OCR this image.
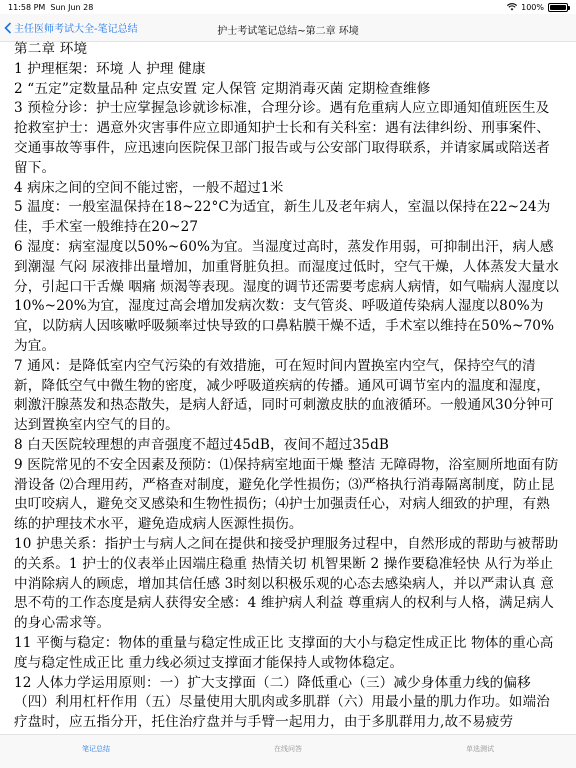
11:58 PM Sun Jun 28	100%
主任医师考试大全-笔记总结	护士考试笔记总结~第二章 环境
第二章 环境
1 护理框架：环境 人 护理 健康
2 “五定”定数量品种 定点安置 定人保管 定期消毒灭菌 定期检查维修
3 预检分诊：护士应掌握急诊就诊标准，合理分诊。遇有危重病人应立即通知值班医生及抢救室护士：遇意外灾害事件应立即通知护士长和有关科室：遇有法律纠纷、刑事案件、交通事故等事件，应迅速向医院保卫部门报告或与公安部门取得联系，并请家属或陪送者留下。
4 病床之间的空间不能过密，一般不超过1米
5 温度：一般室温保持在18~22°C为适宜，新生儿及老年病人，室温以保持在22~24为佳，手术室一般维持在20~27
6 湿度：病室湿度以50%~60%为宜。当湿度过高时，蒸发作用弱，可抑制出汗，病人感到潮湿 气闷 尿液排出量增加，加重肾脏负担。而湿度过低时，空气干燥，人体蒸发大量水分，引起口干舌燥 咽痛 烦渴等表现。湿度的调节还需要考虑病人病情，如气喘病人湿度以10%~20%为宜，湿度过高会增加发病次数：支气管炎、呼吸道传染病人湿度以80%为宜，以防病人因咳嗽呼吸频率过快导致的口鼻粘膜干燥不适，手术室以维持在50%~70%为宜。
7 通风：是降低室内空气污染的有效措施，可在短时间内置换室内空气，保持空气的清新，降低空气中微生物的密度，减少呼吸道疾病的传播。通风可调节室内的温度和湿度，刺激汗腺蒸发和热态散失，是病人舒适，同时可刺激皮肤的血液循环。一般通风30分钟可达到置换室内空气的目的。
8 白天医院较理想的声音强度不超过45dB，夜间不超过35dB
9 医院常见的不安全因素及预防：⑴保持病室地面干燥 整洁 无障碍物，浴室厕所地面有防滑设备 ⑵合理用药，严格查对制度，避免化学性损伤；⑶严格执行消毒隔离制度，防止昆虫叮咬病人，避免交叉感染和生物性损伤；⑷护士加强责任心，对病人细致的护理，有熟练的护理技术水平，避免造成病人医源性损伤。
10 护患关系：指护士与病人之间在提供和接受护理服务过程中，自然形成的帮助与被帮助的关系。1 护士的仪表举止因端庄稳重 热情关切 机智果断 2 操作要稳准轻快 从行为举止中消除病人的顾虑，增加其信任感 3时刻以积极乐观的心态去感染病人，并以严肃认真 意思不苟的工作态度是病人获得安全感：4 维护病人利益 尊重病人的权利与人格，满足病人的身心需求等。
11 平衡与稳定：物体的重量与稳定性成正比 支撑面的大小与稳定性成正比 物体的重心高度与稳定性成正比 重力线必须过支撑面才能保持人或物体稳定。
12 人体力学运用原则：一）扩大支撑面（二）降低重心（三）减少身体重力线的偏移 （四）利用杠杆作用（五）尽量使用大肌肉或多肌群（六）用最小量的肌力作功。如端治疗盘时，应五指分开，托住治疗盘并与手臂一起用力，由于多肌群用力,故不易疲劳
笔记总结	在线问答	单选测试
